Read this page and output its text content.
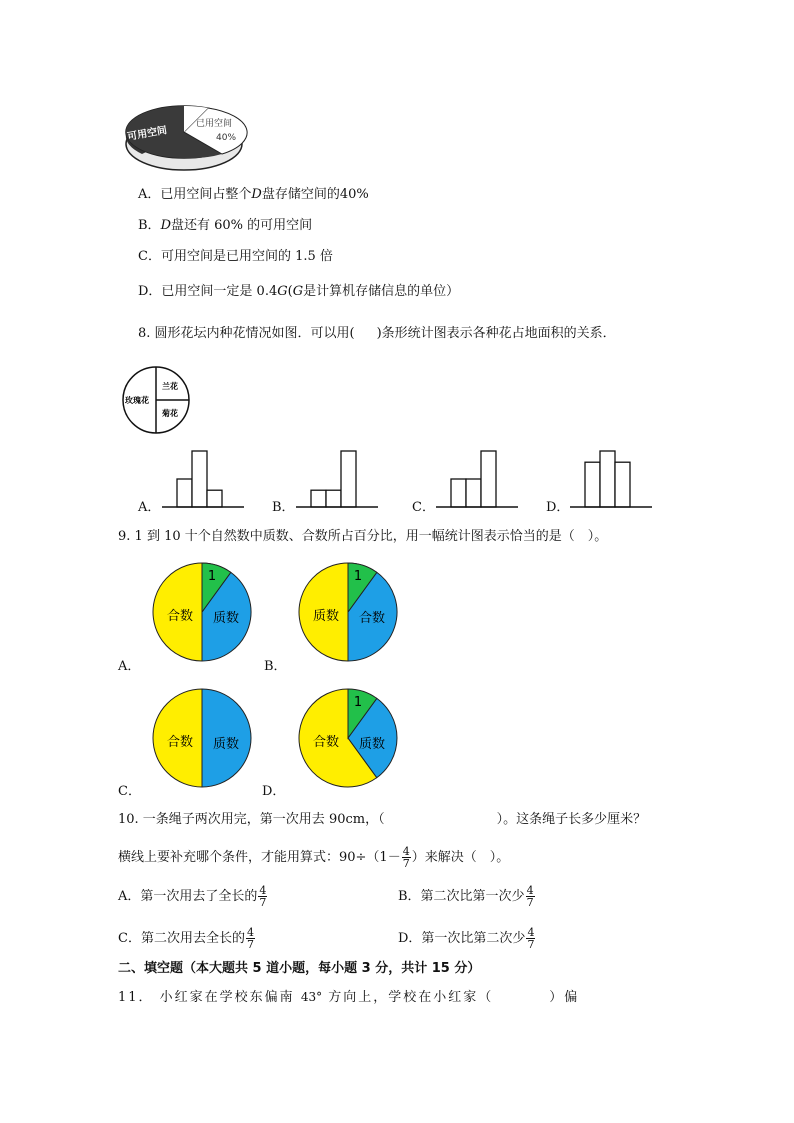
可用空间
已用空间
40%
A．已用空间占整个D盘存储空间的40%
B．D盘还有 60% 的可用空间
C．可用空间是已用空间的 1.5 倍
D．已用空间一定是 0.4G(G是计算机存储信息的单位）
8. 圆形花坛内种花情况如图．可以用( )条形统计图表示各种花占地面积的关系．
玫瑰花
兰花
菊花
A．	B．	C．	D．
9. 1 到 10 十个自然数中质数、合数所占百分比，用一幅统计图表示恰当的是（　）。
1
合数 质数
1
质数 合数
合数 质数
1
合数 质数
A．	B．
C．	D．
10. 一条绳子两次用完，第一次用去 90cm，（	）。这条绳子长多少厘米？
横线上要补充哪个条件，才能用算式：$90\div(1- \frac{4}{7}$ ）来解决（　）。
A．第一次用去了全长的 $\frac{4}{7}$	B．第二次比第一次少 $\frac{4}{7}$
C．第二次用去全长的 $\frac{4}{7}$	D．第一次比第二次少 $\frac{4}{7}$
二、填空题（本大题共 5 道小题，每小题 3 分，共计 15 分）
11． 小红家在学校东偏南 43° 方向上，学校在小红家（	）偏
